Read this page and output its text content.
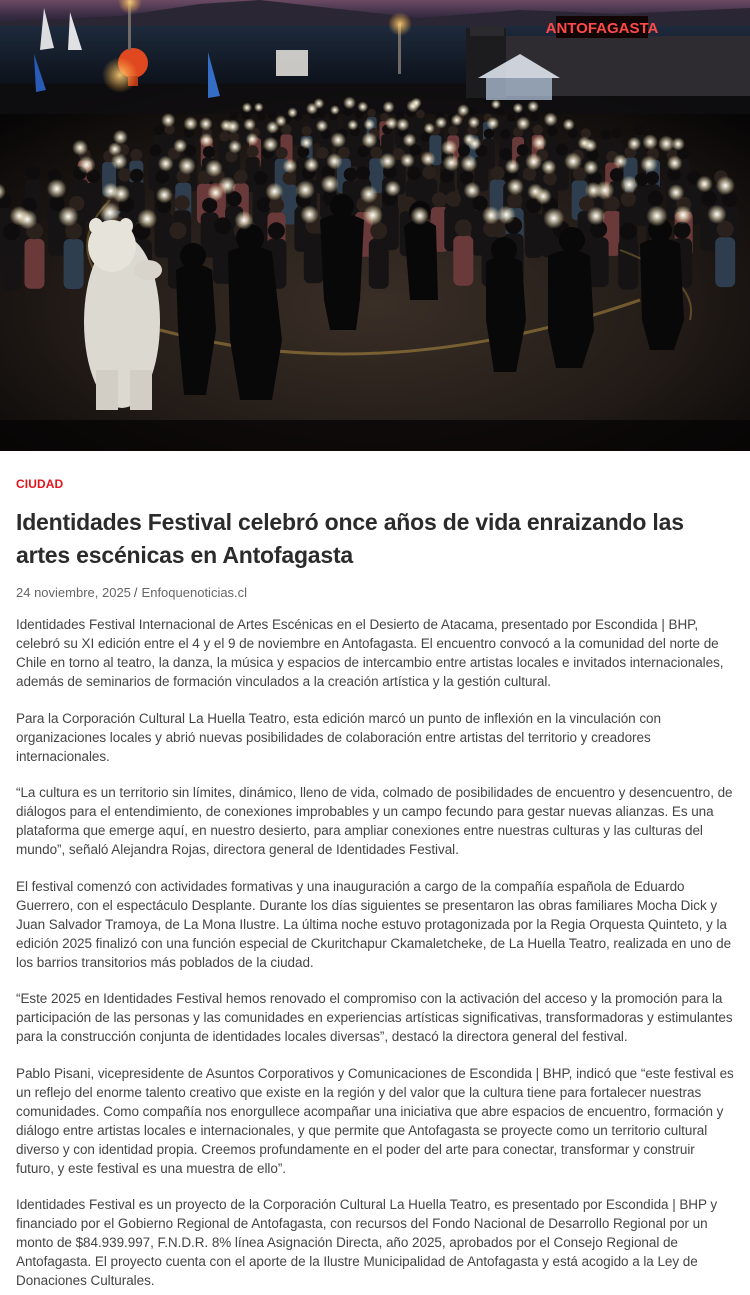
ANTOFAGASTA
CIUDAD
Identidades Festival celebró once años de vida enraizando las artes escénicas en Antofagasta
24 noviembre, 2025 / Enfoquenoticias.cl

Identidades Festival Internacional de Artes Escénicas en el Desierto de Atacama, presentado por Escondida | BHP, celebró su XI edición entre el 4 y el 9 de noviembre en Antofagasta. El encuentro convocó a la comunidad del norte de Chile en torno al teatro, la danza, la música y espacios de intercambio entre artistas locales e invitados internacionales, además de seminarios de formación vinculados a la creación artística y la gestión cultural.

Para la Corporación Cultural La Huella Teatro, esta edición marcó un punto de inflexión en la vinculación con organizaciones locales y abrió nuevas posibilidades de colaboración entre artistas del territorio y creadores internacionales.

“La cultura es un territorio sin límites, dinámico, lleno de vida, colmado de posibilidades de encuentro y desencuentro, de diálogos para el entendimiento, de conexiones improbables y un campo fecundo para gestar nuevas alianzas. Es una plataforma que emerge aquí, en nuestro desierto, para ampliar conexiones entre nuestras culturas y las culturas del mundo”, señaló Alejandra Rojas, directora general de Identidades Festival.

El festival comenzó con actividades formativas y una inauguración a cargo de la compañía española de Eduardo Guerrero, con el espectáculo Desplante. Durante los días siguientes se presentaron las obras familiares Mocha Dick y Juan Salvador Tramoya, de La Mona Ilustre. La última noche estuvo protagonizada por la Regia Orquesta Quinteto, y la edición 2025 finalizó con una función especial de Ckuritchapur Ckamaletcheke, de La Huella Teatro, realizada en uno de los barrios transitorios más poblados de la ciudad.

“Este 2025 en Identidades Festival hemos renovado el compromiso con la activación del acceso y la promoción para la participación de las personas y las comunidades en experiencias artísticas significativas, transformadoras y estimulantes para la construcción conjunta de identidades locales diversas”, destacó la directora general del festival.

Pablo Pisani, vicepresidente de Asuntos Corporativos y Comunicaciones de Escondida | BHP, indicó que “este festival es un reflejo del enorme talento creativo que existe en la región y del valor que la cultura tiene para fortalecer nuestras comunidades. Como compañía nos enorgullece acompañar una iniciativa que abre espacios de encuentro, formación y diálogo entre artistas locales e internacionales, y que permite que Antofagasta se proyecte como un territorio cultural diverso y con identidad propia. Creemos profundamente en el poder del arte para conectar, transformar y construir futuro, y este festival es una muestra de ello”.

Identidades Festival es un proyecto de la Corporación Cultural La Huella Teatro, es presentado por Escondida | BHP y financiado por el Gobierno Regional de Antofagasta, con recursos del Fondo Nacional de Desarrollo Regional por un monto de $84.939.997, F.N.D.R. 8% línea Asignación Directa, año 2025, aprobados por el Consejo Regional de Antofagasta. El proyecto cuenta con el aporte de la Ilustre Municipalidad de Antofagasta y está acogido a la Ley de Donaciones Culturales.
